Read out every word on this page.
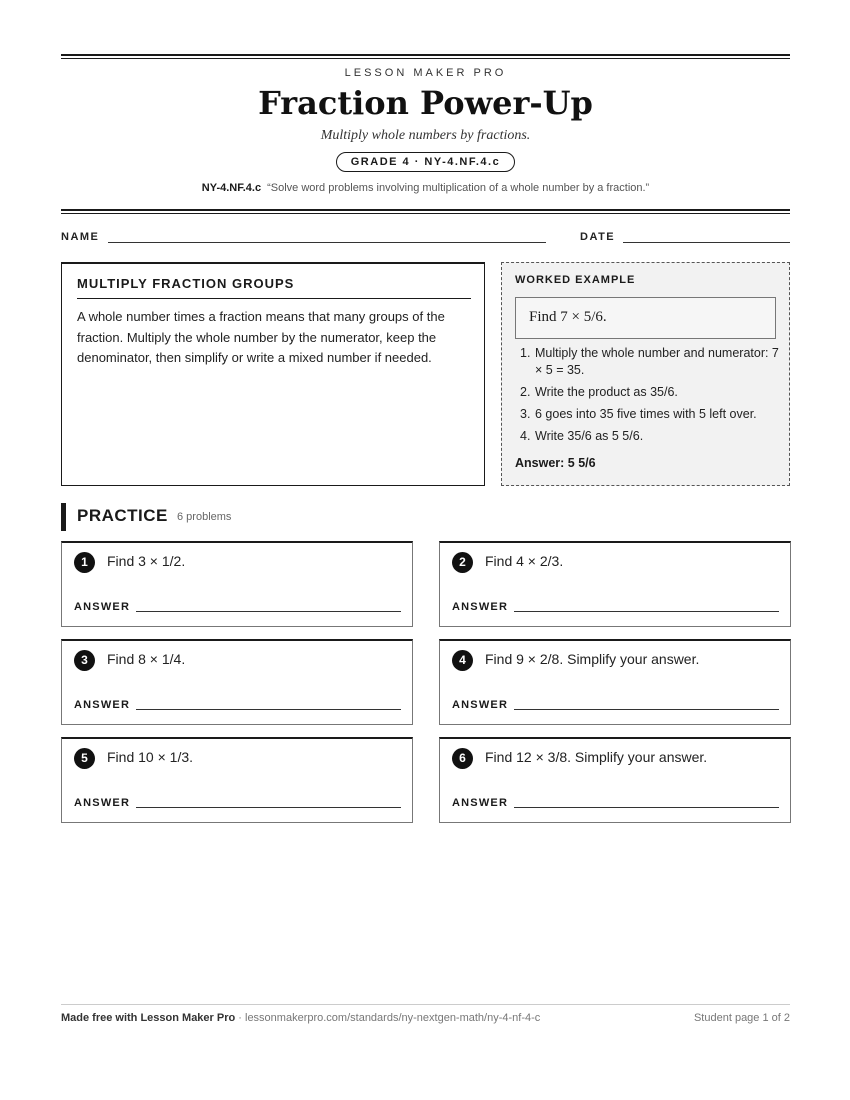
LESSON MAKER PRO
Fraction Power-Up
Multiply whole numbers by fractions.
GRADE 4 · NY-4.NF.4.c
NY-4.NF.4.c “Solve word problems involving multiplication of a whole number by a fraction.”
NAME	DATE
MULTIPLY FRACTION GROUPS
A whole number times a fraction means that many groups of the fraction. Multiply the whole number by the numerator, keep the denominator, then simplify or write a mixed number if needed.
WORKED EXAMPLE
Find 7 × 5/6.
1. Multiply the whole number and numerator: 7 × 5 = 35.
2. Write the product as 35/6.
3. 6 goes into 35 five times with 5 left over.
4. Write 35/6 as 5 5/6.
Answer: 5 5/6
PRACTICE 6 problems
1	Find 3 × 1/2.
ANSWER
2	Find 4 × 2/3.
ANSWER
3	Find 8 × 1/4.
ANSWER
4	Find 9 × 2/8. Simplify your answer.
ANSWER
5	Find 10 × 1/3.
ANSWER
6	Find 12 × 3/8. Simplify your answer.
ANSWER
Made free with Lesson Maker Pro · lessonmakerpro.com/standards/ny-nextgen-math/ny-4-nf-4-c	Student page 1 of 2
